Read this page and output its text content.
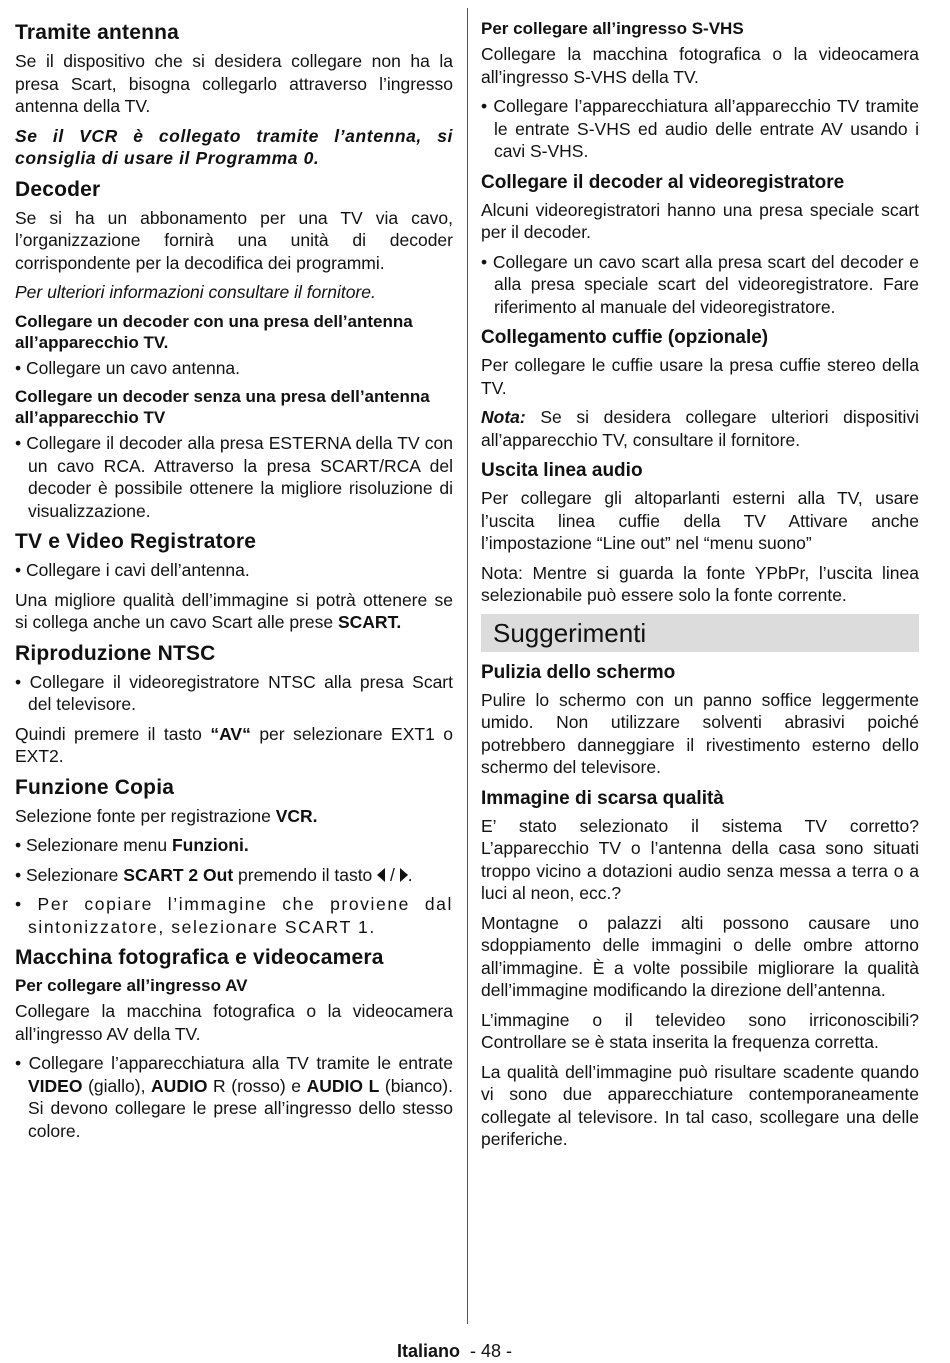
Tramite antenna

Se il dispositivo che si desidera collegare non ha la presa Scart, bisogna collegarlo attraverso l’ingresso antenna della TV.

Se il VCR è collegato tramite l’antenna, si consiglia di usare il Programma 0.

Decoder

Se si ha un abbonamento per una TV via cavo, l’organizzazione fornirà una unità di decoder corrispondente per la decodifica dei programmi.

Per ulteriori informazioni consultare il fornitore.

Collegare un decoder con una presa dell’antenna all’apparecchio TV.

• Collegare un cavo antenna.

Collegare un decoder senza una presa dell’antenna all’apparecchio TV

• Collegare il decoder alla presa ESTERNA della TV con un cavo RCA. Attraverso la presa SCART/RCA del decoder è possibile ottenere la migliore risoluzione di visualizzazione.

TV e Video Registratore

• Collegare i cavi dell’antenna.

Una migliore qualità dell’immagine si potrà ottenere se si collega anche un cavo Scart alle prese SCART.

Riproduzione NTSC

• Collegare il videoregistratore NTSC alla presa Scart del televisore.

Quindi premere il tasto “AV“ per selezionare EXT1 o EXT2.

Funzione Copia

Selezione fonte per registrazione VCR.

• Selezionare menu Funzioni.

• Selezionare SCART 2 Out premendo il tasto / .

• Per copiare l’immagine che proviene dal sintonizzatore, selezionare SCART 1.

Macchina fotografica e videocamera
Per collegare all’ingresso AV

Collegare la macchina fotografica o la videocamera all’ingresso AV della TV.

• Collegare l’apparecchiatura alla TV tramite le entrate VIDEO (giallo), AUDIO R (rosso) e AUDIO L (bianco). Si devono collegare le prese all’ingresso dello stesso colore.

Per collegare all’ingresso S-VHS

Collegare la macchina fotografica o la videocamera all’ingresso S-VHS della TV.

• Collegare l’apparecchiatura all’apparecchio TV tramite le entrate S-VHS ed audio delle entrate AV usando i cavi S-VHS.

Collegare il decoder al videoregistratore

Alcuni videoregistratori hanno una presa speciale scart per il decoder.

• Collegare un cavo scart alla presa scart del decoder e alla presa speciale scart del videoregistratore. Fare riferimento al manuale del videoregistratore.

Collegamento cuffie (opzionale)

Per collegare le cuffie usare la presa cuffie stereo della TV.

Nota: Se si desidera collegare ulteriori dispositivi all’apparecchio TV, consultare il fornitore.

Uscita linea audio

Per collegare gli altoparlanti esterni alla TV, usare l’uscita linea cuffie della TV Attivare anche l’impostazione “Line out” nel “menu suono”

Nota: Mentre si guarda la fonte YPbPr, l’uscita linea selezionabile può essere solo la fonte corrente.

Suggerimenti
Pulizia dello schermo

Pulire lo schermo con un panno soffice leggermente umido. Non utilizzare solventi abrasivi poiché potrebbero danneggiare il rivestimento esterno dello schermo del televisore.

Immagine di scarsa qualità

E’ stato selezionato il sistema TV corretto? L’apparecchio TV o l’antenna della casa sono situati troppo vicino a dotazioni audio senza messa a terra o a luci al neon, ecc.?

Montagne o palazzi alti possono causare uno sdoppiamento delle immagini o delle ombre attorno all’immagine. È a volte possibile migliorare la qualità dell’immagine modificando la direzione dell’antenna.

L’immagine o il televideo sono irriconoscibili? Controllare se è stata inserita la frequenza corretta.

La qualità dell’immagine può risultare scadente quando vi sono due apparecchiature contemporaneamente collegate al televisore. In tal caso, scollegare una delle periferiche.

Italiano - 48 -
